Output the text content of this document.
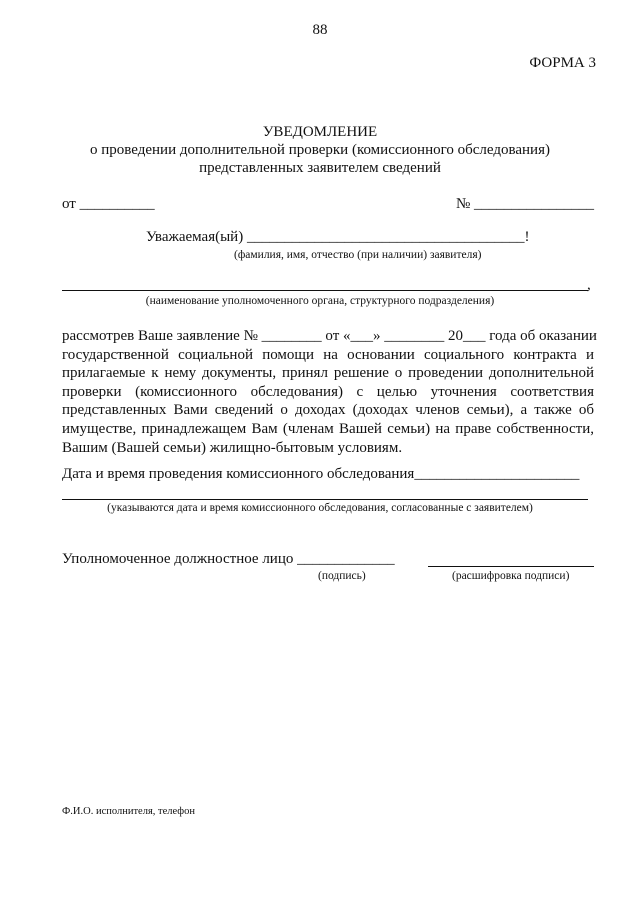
88
ФОРМА 3
УВЕДОМЛЕНИЕ
о проведении дополнительной проверки (комиссионного обследования)
представленных заявителем сведений
от __________	№ ________________
Уважаемая(ый) _____________________________________!
(фамилия, имя, отчество (при наличии) заявителя)
,
(наименование уполномоченного органа, структурного подразделения)
рассмотрев Ваше заявление № ________ от «___» ________ 20___ года об оказании
государственной социальной помощи на основании социального контракта и
прилагаемые к нему документы, принял решение о проведении дополнительной
проверки (комиссионного обследования) с целью уточнения соответствия
представленных Вами сведений о доходах (доходах членов семьи), а также об
имуществе, принадлежащем Вам (членам Вашей семьи) на праве собственности,
Вашим (Вашей семьи) жилищно-бытовым условиям.
Дата и время проведения комиссионного обследования______________________
(указываются дата и время комиссионного обследования, согласованные с заявителем)
Уполномоченное должностное лицо _____________
(подпись)	(расшифровка подписи)
Ф.И.О. исполнителя, телефон
